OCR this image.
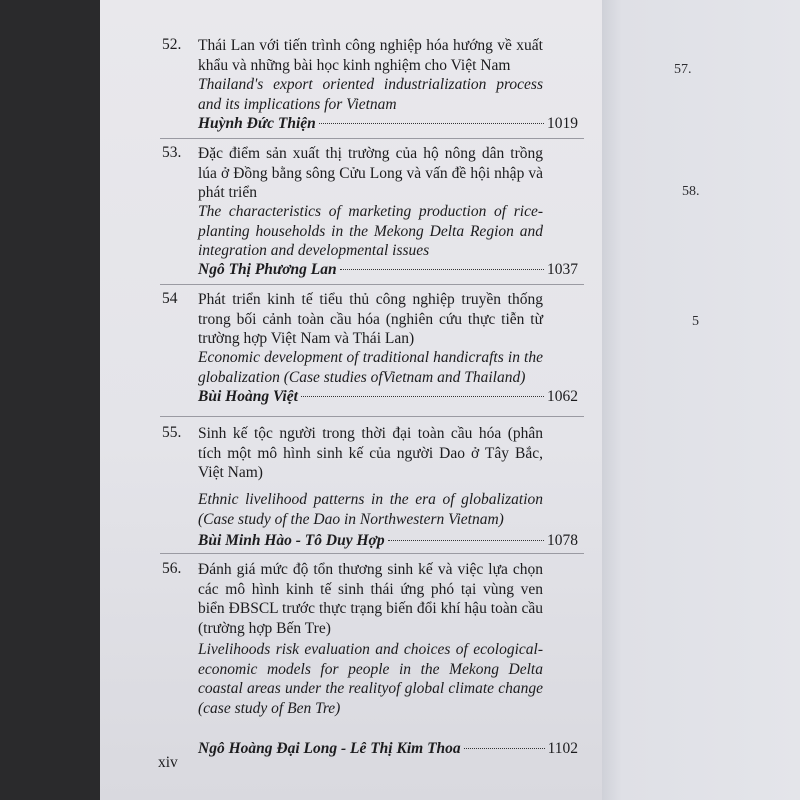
52. Thái Lan với tiến trình công nghiệp hóa hướng về xuất khẩu và những bài học kinh nghiệm cho Việt Nam
Thailand's export oriented industrialization process and its implications for Vietnam
Huỳnh Đức Thiện	1019
53. Đặc điểm sản xuất thị trường của hộ nông dân trồng lúa ở Đồng bằng sông Cửu Long và vấn đề hội nhập và phát triển
The characteristics of marketing production of rice-planting households in the Mekong Delta Region and integration and developmental issues
Ngô Thị Phương Lan	1037
54 Phát triển kinh tế tiểu thủ công nghiệp truyền thống trong bối cảnh toàn cầu hóa (nghiên cứu thực tiễn từ trường hợp Việt Nam và Thái Lan)
Economic development of traditional handicrafts in the globalization (Case studies ofVietnam and Thailand)
Bùi Hoàng Việt	1062
55. Sinh kế tộc người trong thời đại toàn cầu hóa (phân tích một mô hình sinh kế của người Dao ở Tây Bắc, Việt Nam)
Ethnic livelihood patterns in the era of globalization (Case study of the Dao in Northwestern Vietnam)
Bùi Minh Hào - Tô Duy Hợp	1078
56. Đánh giá mức độ tổn thương sinh kế và việc lựa chọn các mô hình kinh tế sinh thái ứng phó tại vùng ven biển ĐBSCL trước thực trạng biến đổi khí hậu toàn cầu (trường hợp Bến Tre)
Livelihoods risk evaluation and choices of ecological-economic models for people in the Mekong Delta coastal areas under the realityof global climate change (case study of Ben Tre)
Ngô Hoàng Đại Long - Lê Thị Kim Thoa	1102
xiv
57.
58.
5
